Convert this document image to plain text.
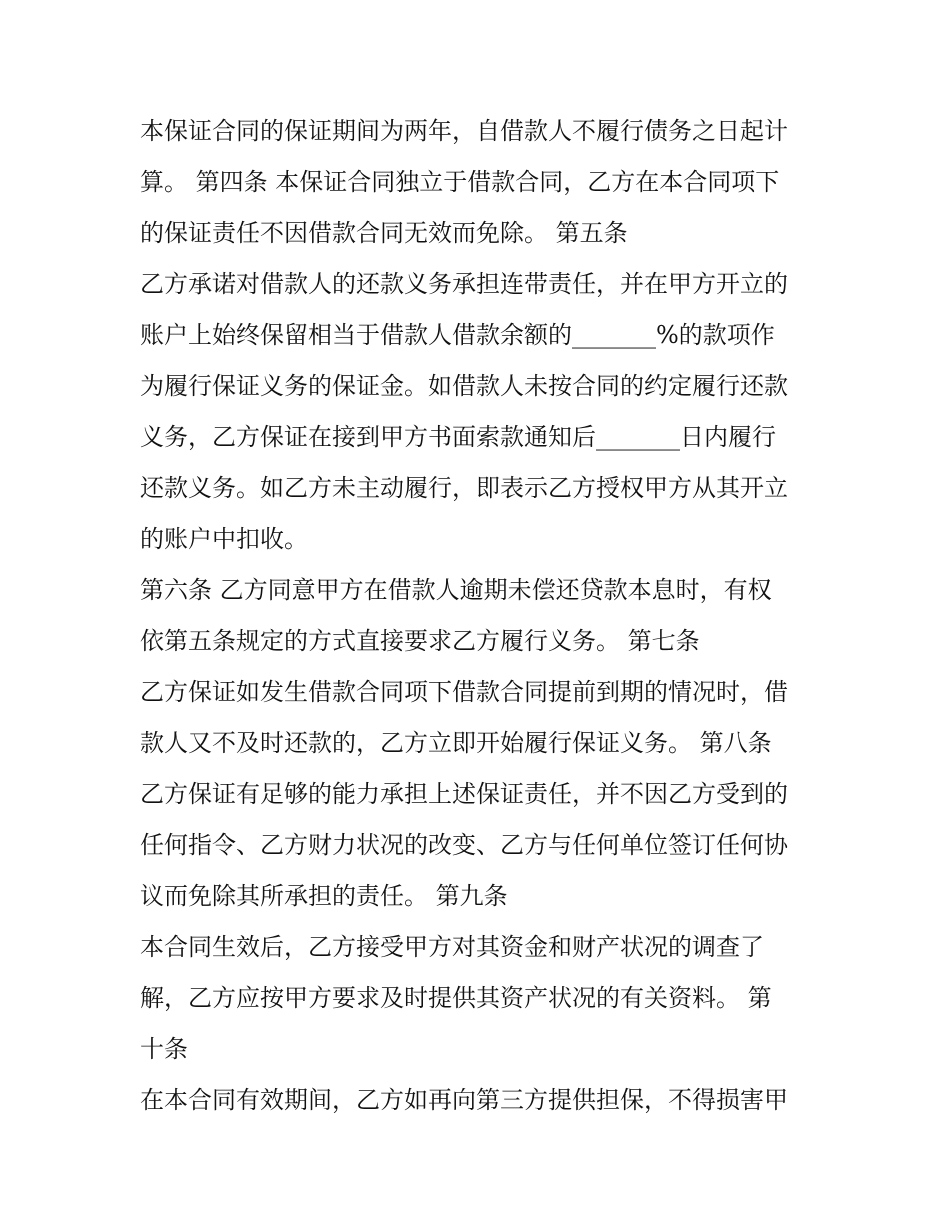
本保证合同的保证期间为两年，自借款人不履行债务之日起计
算。 第四条 本保证合同独立于借款合同，乙方在本合同项下
的保证责任不因借款合同无效而免除。 第五条
乙方承诺对借款人的还款义务承担连带责任，并在甲方开立的
账户上始终保留相当于借款人借款余额的_______%的款项作
为履行保证义务的保证金。如借款人未按合同的约定履行还款
义务，乙方保证在接到甲方书面索款通知后_______日内履行
还款义务。如乙方未主动履行，即表示乙方授权甲方从其开立
的账户中扣收。
第六条 乙方同意甲方在借款人逾期未偿还贷款本息时，有权
依第五条规定的方式直接要求乙方履行义务。 第七条
乙方保证如发生借款合同项下借款合同提前到期的情况时，借
款人又不及时还款的，乙方立即开始履行保证义务。 第八条
乙方保证有足够的能力承担上述保证责任，并不因乙方受到的
任何指令、乙方财力状况的改变、乙方与任何单位签订任何协
议而免除其所承担的责任。 第九条
本合同生效后，乙方接受甲方对其资金和财产状况的调查了
解，乙方应按甲方要求及时提供其资产状况的有关资料。 第
十条
在本合同有效期间，乙方如再向第三方提供担保，不得损害甲
